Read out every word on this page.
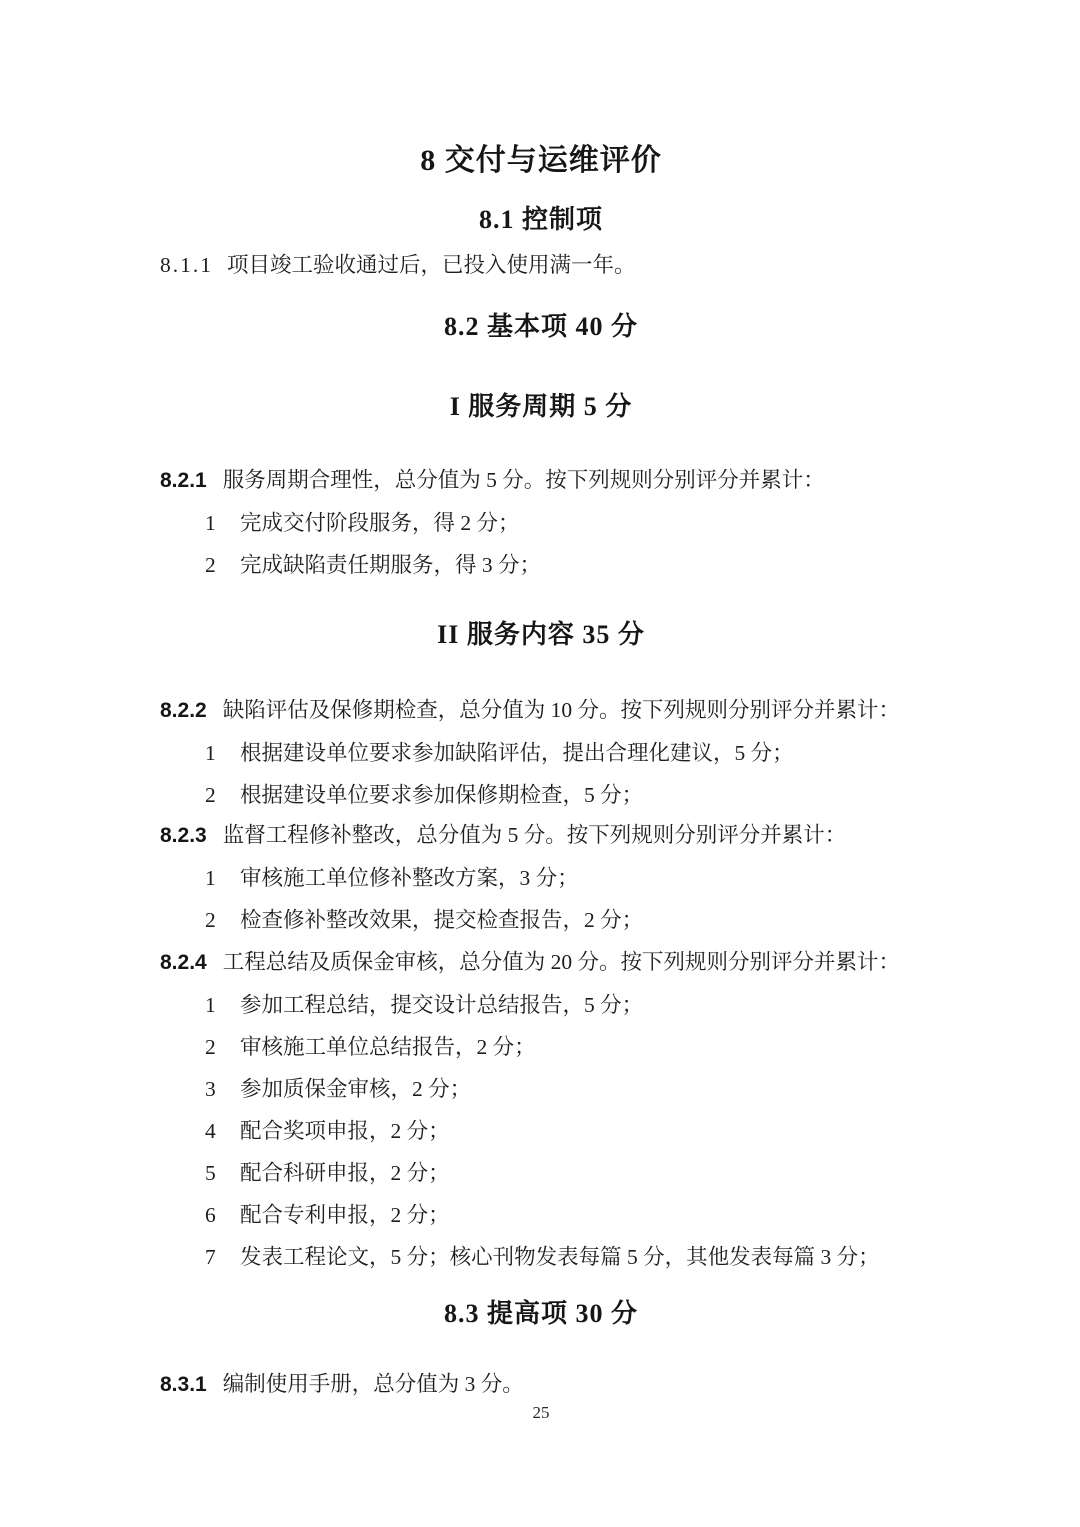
8 交付与运维评价
8.1 控制项

8.1.1 项目竣工验收通过后，已投入使用满一年。

8.2 基本项 40 分
I 服务周期 5 分

8.2.1 服务周期合理性，总分值为 5 分。按下列规则分别评分并累计：

1 完成交付阶段服务，得 2 分；
2 完成缺陷责任期服务，得 3 分；
II 服务内容 35 分

8.2.2 缺陷评估及保修期检查，总分值为 10 分。按下列规则分别评分并累计：

1 根据建设单位要求参加缺陷评估，提出合理化建议，5 分；
2 根据建设单位要求参加保修期检查，5 分；

8.2.3 监督工程修补整改，总分值为 5 分。按下列规则分别评分并累计：

1 审核施工单位修补整改方案，3 分；
2 检查修补整改效果，提交检查报告，2 分；

8.2.4 工程总结及质保金审核，总分值为 20 分。按下列规则分别评分并累计：

1 参加工程总结，提交设计总结报告，5 分；
2 审核施工单位总结报告，2 分；
3 参加质保金审核，2 分；
4 配合奖项申报，2 分；
5 配合科研申报，2 分；
6 配合专利申报，2 分；
7 发表工程论文，5 分；核心刊物发表每篇 5 分，其他发表每篇 3 分；
8.3 提高项 30 分

8.3.1 编制使用手册，总分值为 3 分。

25
